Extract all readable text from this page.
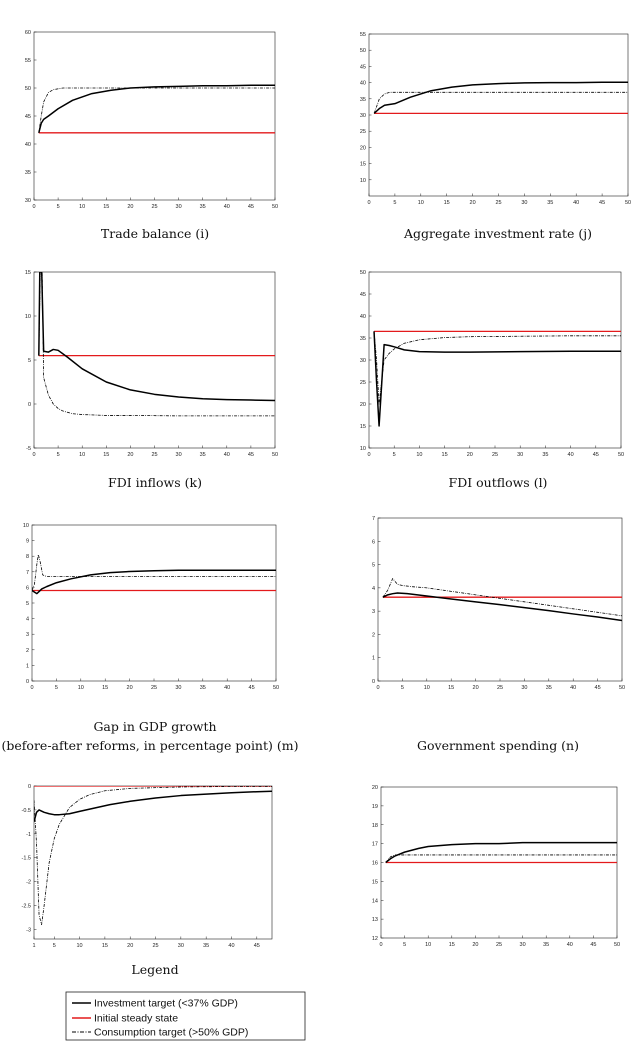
0	5	10	15	20	25	30	35	40	45	50
30
35
40
45
50
55
60
0	5	10	15	20	25	30	35	40	45	50
10
15
20
25
30
35
40
45
50
55
0	5	10	15	20	25	30	35	40	45	50
-5
0
5
10
15
0	5	10	15	20	25	30	35	40	45	50
10
15
20
25
30
35
40
45
50
0	5	10	15	20	25	30	35	40	45	50
0
1
2
3
4
5
6
7
8
9
10
0	5	10	15	20	25	30	35	40	45	50
0
1
2
3
4
5
6
7
1	5	10	15	20	25	30	35	40	45
-3
-2.5
-2
-1.5
-1
-0.5
0
0	5	10	15	20	25	30	35	40	45	50
12
13
14
15
16
17
18
19
20
Trade balance (i)	Aggregate investment rate (j)
FDI inflows (k)	FDI outflows (l)
Gap in GDP growth
(before-after reforms, in percentage point) (m)	Government spending (n)
Legend
Investment target (<37% GDP)
Initial steady state
Consumption target (>50% GDP)
